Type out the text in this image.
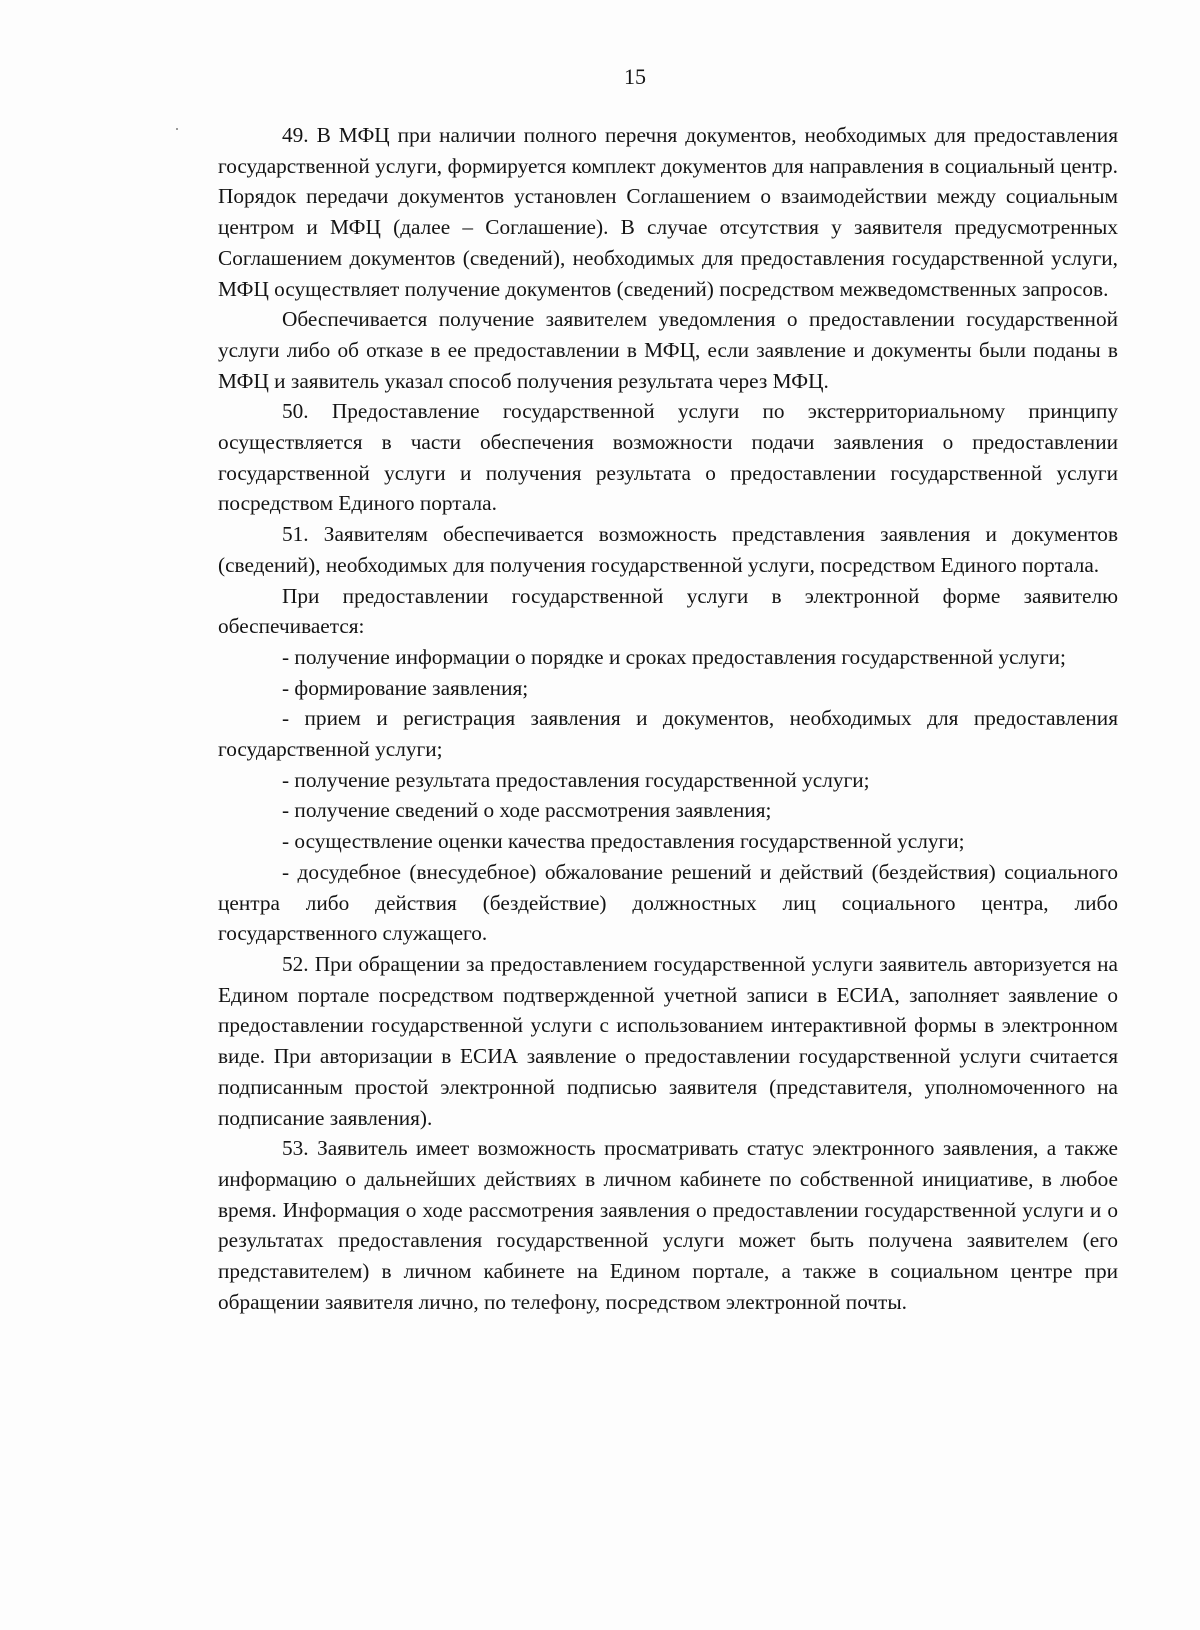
15

49. В МФЦ при наличии полного перечня документов, необходимых для предоставления государственной услуги, формируется комплект документов для направления в социальный центр. Порядок передачи документов установлен Соглашением о взаимодействии между социальным центром и МФЦ (далее – Соглашение). В случае отсутствия у заявителя предусмотренных Соглашением документов (сведений), необходимых для предоставления государственной услуги, МФЦ осуществляет получение документов (сведений) посредством межведомственных запросов.

Обеспечивается получение заявителем уведомления о предоставлении государственной услуги либо об отказе в ее предоставлении в МФЦ, если заявление и документы были поданы в МФЦ и заявитель указал способ получения результата через МФЦ.

50. Предоставление государственной услуги по экстерриториальному принципу осуществляется в части обеспечения возможности подачи заявления о предоставлении государственной услуги и получения результата о предоставлении государственной услуги посредством Единого портала.

51. Заявителям обеспечивается возможность представления заявления и документов (сведений), необходимых для получения государственной услуги, посредством Единого портала.

При предоставлении государственной услуги в электронной форме заявителю обеспечивается:

- получение информации о порядке и сроках предоставления государственной услуги;

- формирование заявления;

- прием и регистрация заявления и документов, необходимых для предоставления государственной услуги;

- получение результата предоставления государственной услуги;

- получение сведений о ходе рассмотрения заявления;

- осуществление оценки качества предоставления государственной услуги;

- досудебное (внесудебное) обжалование решений и действий (бездействия) социального центра либо действия (бездействие) должностных лиц социального центра, либо государственного служащего.

52. При обращении за предоставлением государственной услуги заявитель авторизуется на Едином портале посредством подтвержденной учетной записи в ЕСИА, заполняет заявление о предоставлении государственной услуги с использованием интерактивной формы в электронном виде. При авторизации в ЕСИА заявление о предоставлении государственной услуги считается подписанным простой электронной подписью заявителя (представителя, уполномоченного на подписание заявления).

53. Заявитель имеет возможность просматривать статус электронного заявления, а также информацию о дальнейших действиях в личном кабинете по собственной инициативе, в любое время. Информация о ходе рассмотрения заявления о предоставлении государственной услуги и о результатах предоставления государственной услуги может быть получена заявителем (его представителем) в личном кабинете на Едином портале, а также в социальном центре при обращении заявителя лично, по телефону, посредством электронной почты.
